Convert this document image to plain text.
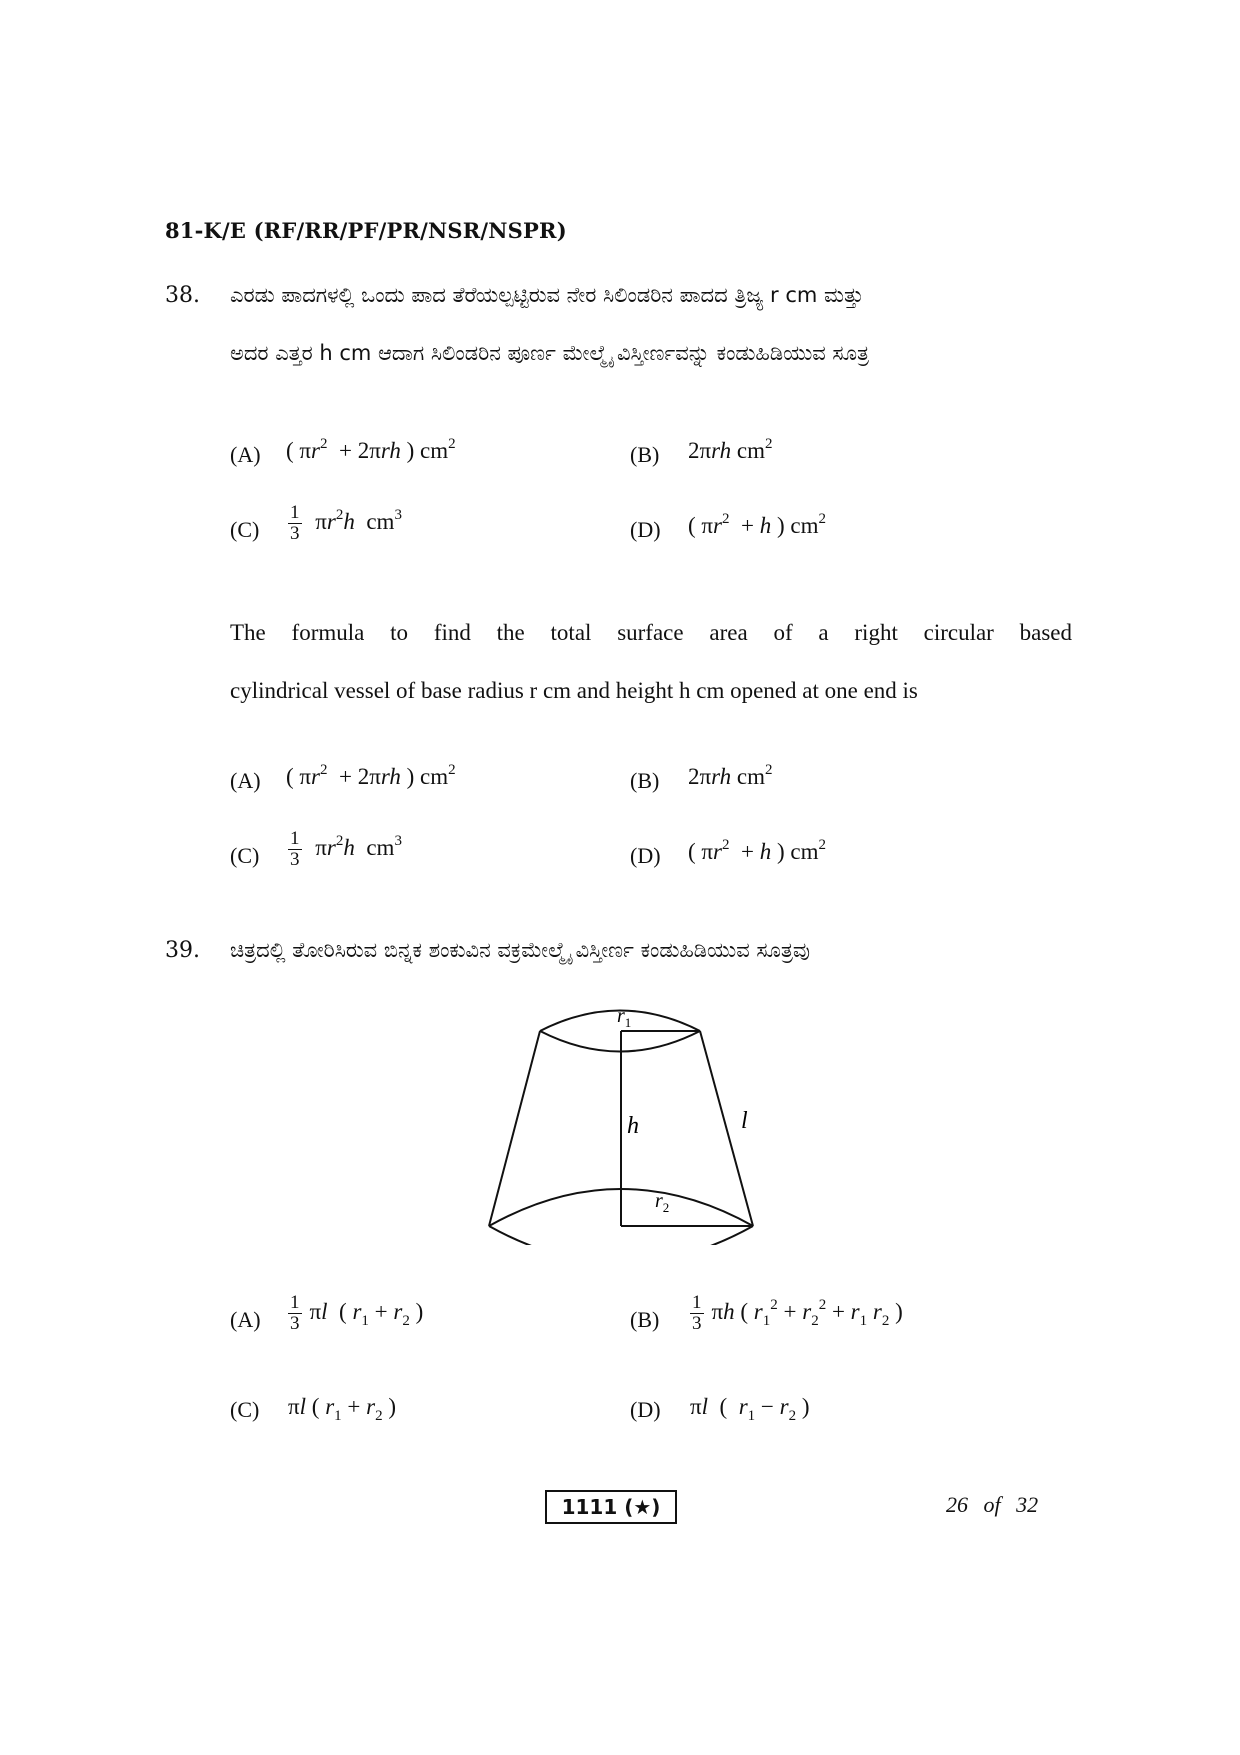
81-K/E (RF/RR/PF/PR/NSR/NSPR)
38. ಎರಡು ಪಾದಗಳಲ್ಲಿ ಒಂದು ಪಾದ ತೆರೆಯಲ್ಪಟ್ಟಿರುವ ನೇರ ಸಿಲಿಂಡರಿನ ಪಾದದ ತ್ರಿಜ್ಯ r cm ಮತ್ತು
ಅದರ ಎತ್ತರ h cm ಆದಾಗ ಸಿಲಿಂಡರಿನ ಪೂರ್ಣ ಮೇಲ್ಮೈ ವಿಸ್ತೀರ್ಣವನ್ನು ಕಂಡುಹಿಡಿಯುವ ಸೂತ್ರ
(A) ( $\pi r^2 + 2\pi rh$ ) $cm^2$	(B) 2πrh $cm^2$
$(C) \frac{1}{3} \pi r^2h$  $cm^3$
(D) ( $\pi r^2 + h$ ) $cm^2$
The formula to find the total surface area of a right circular based
cylindrical vessel of base radius r cm and height h cm opened at one end is
(A) ( $\pi r^2 + 2\pi rh$ ) $cm^2$	(B) 2πrh $cm^2$
$(C) \frac{1}{3} \pi r^2h$  $cm^3$
(D) ( $\pi r^2 + h$ ) $cm^2$
39. ಚಿತ್ರದಲ್ಲಿ ತೋರಿಸಿರುವ ಬಿನ್ನಕ ಶಂಕುವಿನ ವಕ್ರಮೇಲ್ಮೈ ವಿಸ್ತೀರ್ಣ ಕಂಡುಹಿಡಿಯುವ ಸೂತ್ರವು
$r_1$
h	l
$r_2$
$(A) \frac{1}{3}$ πl  ( $r_1 + r_2$ )	$(B) \frac{1}{3}$ πh ( $r_1^2 + r_2^2 + r_1$ $r_2$ )
(C) πl ( $r_1 + r_2$ )	(D) πl  (  $r_1 - r_2$ )
1111 (★)	26 of 32
